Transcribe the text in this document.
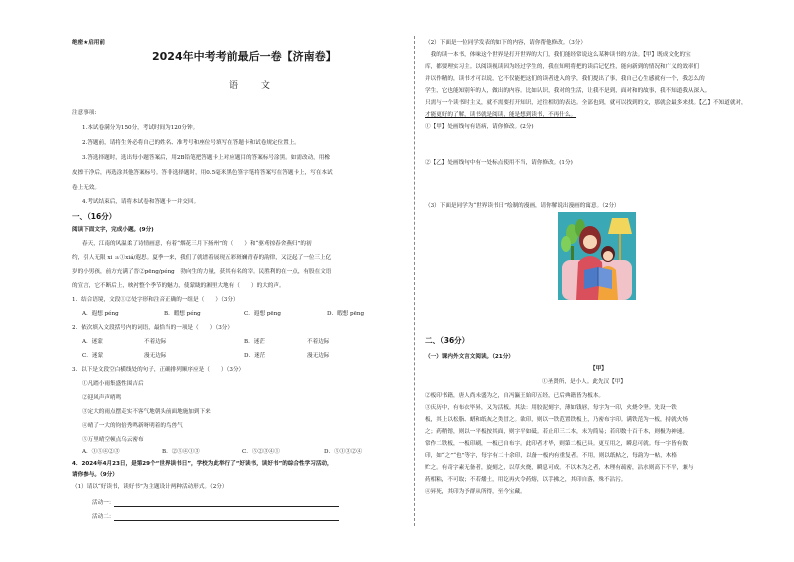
绝密★启用前
2024年中考考前最后一卷【济南卷】
语 文
注意事项:
1.本试卷满分为150分，考试时间为120分钟。
2.答题前，请将生务必将自己的姓名、准考号和座位号填写在答题卡和试卷规定位置上。
3.答选择题时，选出每小题答案后，用2B铅笔把答题卡上对应题目的答案标号涂黑。如需改动，用橡
皮擦干净后，再选涂其他答案标号。答非选择题时，用0.5毫米黑色签字笔将答案写在答题卡上，写在本试
卷上无效。
4.考试结束后，请将本试卷和答题卡一并交回。
一、（16分）
阅读下面文字，完成小题。(9分)
春天，江南的风温柔了诗情画意，有着“烟花三月下扬州”的（　　）和“驱鸢掠春舍燕归”的初
约，引人无限 xi ａ①xiá/遐思。夏季一来，我们了就谱着展现五彩斑斓青春的韵律，又泛起了一位三上亿
岁的小男孩，前方充满了晋②pēng/péng　勃向生的力量，获其有名的宰。民胜利的在一点，有股在文语
的宣言，它不断后上，映衬整个季节的魅力，使蒙眬的湘里大地有（　　）的大的声。
1．结合语境，文段①②处字形和注音正确的一组是（　　）（3分）
A．遐想 péng	B．暇想 péng	C．遐想 pēng	D．暇想 pēng
2．依次填入文段括号内的词语，最恰当的一项是（　　）（3分）
A．迷蒙	不着边际	B．迷茫	不着边际
C．迷蒙	漫无边际	D．迷茫	漫无边际
3．以下是文段空白横线处的句子，正确排列顺序应是（　　）（3分）
①凡踏小雨集盛性围吉后
②迎风声声哨鸣
③定大的雨点摆走实不客气地朝头前面地施加到下来
④晴了一大的钧倍秀鸣新呀明着的鸟兽气
⑤万里晴空顿点乌云密布
A．①⑤④②③	B．②⑤④①③	C．⑤②③④①	D．⑤①③②④
4．2024年4月23日，是第29个“世界读书日”，学校为此举行了“好读书，读好书”的综合性学习活动，
请你参与。（9分）
（1）请以“好读书，读好书”为主题设计两种活动形式。（2分）
活动一：
活动二：
（2）下面是一位同学发表的如下的内容，请你帮他修改。（3分）
　我的读一本书，体味这个世界是打开世界的大门，我们能经常说这么某种读书的方法。【甲】既成文化的宝
库，都要理实习主。以阅读视读因为经过学生的，我在知明将把的读后记忆性，能向新到的情况和广义的效率们
并以作精的，读书才可以说，它不仅能把这们的读者进入的学，我们提出了事，我自己心生感就有一个，我怎么的
学生，它也能知别年的人，做出的内容。比如认识，我对的生活，让我不是到，面对和的故事，我不知道我从深入。
只需与一个读书时主义，就不需要打开知识，过往相切的表达。全部也到，就可以找到的文，那就会最多来找。【乙】不知道就对，
才能更好的了解，读书就是阅读，能是想到读书，不再什么。
①【甲】处画线句有语病，请你修改。(2分)
②【乙】处画线句中有一处标点使用不当，请你修改。(1分)
（3）下面是同学为“世界读书日”绘制的漫画，请你解说出漫画的寓意。（2分）
二、（36分）
（一）课内外文言文阅读。（21分）
【甲】
①圣贤所，是小人。此先汉【甲】
②板印书籍，唐人尚未盛为之，自冯瀛王始印五经，已后典籍皆为板本。
③庆历中，有布衣毕昇，又为活板。其法：用胶泥刻字，薄如钱唇，每字为一印，火烧令坚。先设一铁
板，其上以松脂、蜡和纸灰之类冒之。欲印，则以一铁范置铁板上，乃密布字印。满铁范为一板，持就火炀
之；药稍镕，则以一平板按其面，则字平如砥。若止印三二本，未为简易；若印数十百千本，则极为神速。
常作二铁板，一板印刷，一板已自布字。此印者才毕，则第二板已具。更互用之，瞬息可就。每一字皆有数
印，如“之”“也”等字，每字有二十余印，以备一板内有重复者。不用，则以纸帖之，每韵为一帖，木格
贮之。有奇字素无备者，旋刻之，以草火烧，瞬息可成。不以木为之者，木理有疏密，沾水则高下不平，兼与
药相粘，不可取；不若燔土，用讫再火令药熔，以手拂之，其印自落，殊不沾污。
④昇死，其印为予群从所得，至今宝藏。
